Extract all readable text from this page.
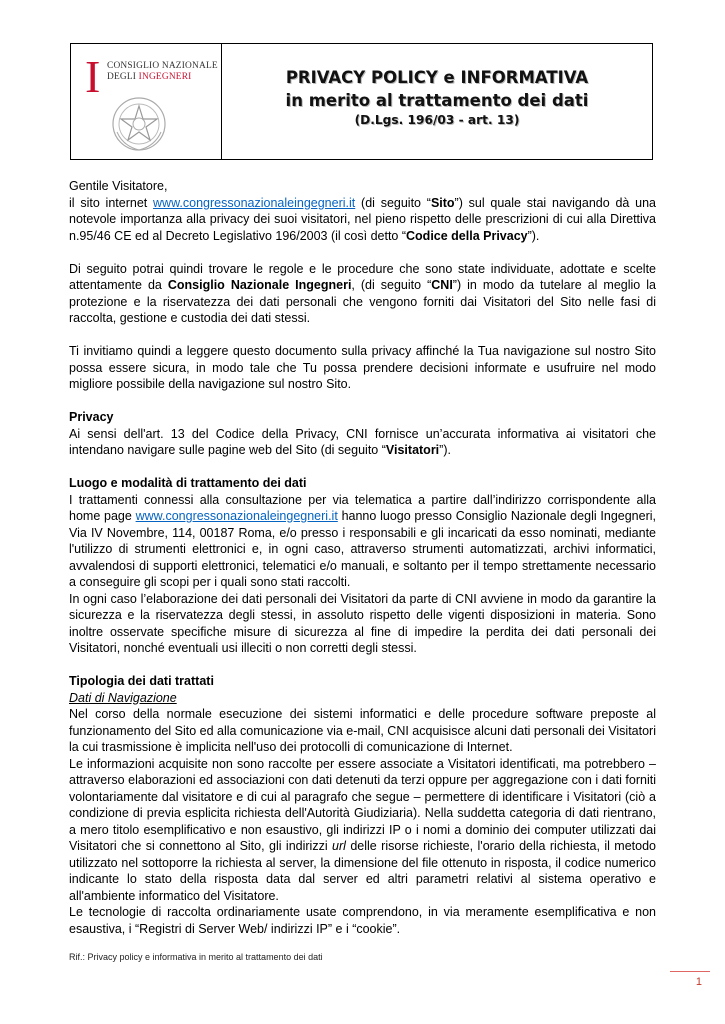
I CONSIGLIO NAZIONALE
DEGLI INGEGNERI	PRIVACY POLICY e INFORMATIVA
in merito al trattamento dei dati
(D.Lgs. 196/03 - art. 13)

Gentile Visitatore,

il sito internet www.congressonazionaleingegneri.it (di seguito “Sito”) sul quale stai navigando dà una notevole importanza alla privacy dei suoi visitatori, nel pieno rispetto delle prescrizioni di cui alla Direttiva n.95/46 CE ed al Decreto Legislativo 196/2003 (il così detto “Codice della Privacy”).

Di seguito potrai quindi trovare le regole e le procedure che sono state individuate, adottate e scelte attentamente da Consiglio Nazionale Ingegneri, (di seguito “CNI”) in modo da tutelare al meglio la protezione e la riservatezza dei dati personali che vengono forniti dai Visitatori del Sito nelle fasi di raccolta, gestione e custodia dei dati stessi.

Ti invitiamo quindi a leggere questo documento sulla privacy affinché la Tua navigazione sul nostro Sito possa essere sicura, in modo tale che Tu possa prendere decisioni informate e usufruire nel modo migliore possibile della navigazione sul nostro Sito.

Privacy

Ai sensi dell'art. 13 del Codice della Privacy, CNI fornisce un’accurata informativa ai visitatori che intendano navigare sulle pagine web del Sito (di seguito “Visitatori”).

Luogo e modalità di trattamento dei dati

I trattamenti connessi alla consultazione per via telematica a partire dall’indirizzo corrispondente alla home page www.congressonazionaleingegneri.it hanno luogo presso Consiglio Nazionale degli Ingegneri, Via IV Novembre, 114, 00187 Roma, e/o presso i responsabili e gli incaricati da esso nominati, mediante l'utilizzo di strumenti elettronici e, in ogni caso, attraverso strumenti automatizzati, archivi informatici, avvalendosi di supporti elettronici, telematici e/o manuali, e soltanto per il tempo strettamente necessario a conseguire gli scopi per i quali sono stati raccolti.

In ogni caso l’elaborazione dei dati personali dei Visitatori da parte di CNI avviene in modo da garantire la sicurezza e la riservatezza degli stessi, in assoluto rispetto delle vigenti disposizioni in materia. Sono inoltre osservate specifiche misure di sicurezza al fine di impedire la perdita dei dati personali dei Visitatori, nonché eventuali usi illeciti o non corretti degli stessi.

Tipologia dei dati trattati

Dati di Navigazione

Nel corso della normale esecuzione dei sistemi informatici e delle procedure software preposte al funzionamento del Sito ed alla comunicazione via e-mail, CNI acquisisce alcuni dati personali dei Visitatori la cui trasmissione è implicita nell'uso dei protocolli di comunicazione di Internet.

Le informazioni acquisite non sono raccolte per essere associate a Visitatori identificati, ma potrebbero – attraverso elaborazioni ed associazioni con dati detenuti da terzi oppure per aggregazione con i dati forniti volontariamente dal visitatore e di cui al paragrafo che segue – permettere di identificare i Visitatori (ciò a condizione di previa esplicita richiesta dell'Autorità Giudiziaria). Nella suddetta categoria di dati rientrano, a mero titolo esemplificativo e non esaustivo, gli indirizzi IP o i nomi a dominio dei computer utilizzati dai Visitatori che si connettono al Sito, gli indirizzi url delle risorse richieste, l'orario della richiesta, il metodo utilizzato nel sottoporre la richiesta al server, la dimensione del file ottenuto in risposta, il codice numerico indicante lo stato della risposta data dal server ed altri parametri relativi al sistema operativo e all'ambiente informatico del Visitatore.

Le tecnologie di raccolta ordinariamente usate comprendono, in via meramente esemplificativa e non esaustiva, i “Registri di Server Web/ indirizzi IP” e i “cookie”.

Rif.: Privacy policy e informativa in merito al trattamento dei dati
1
